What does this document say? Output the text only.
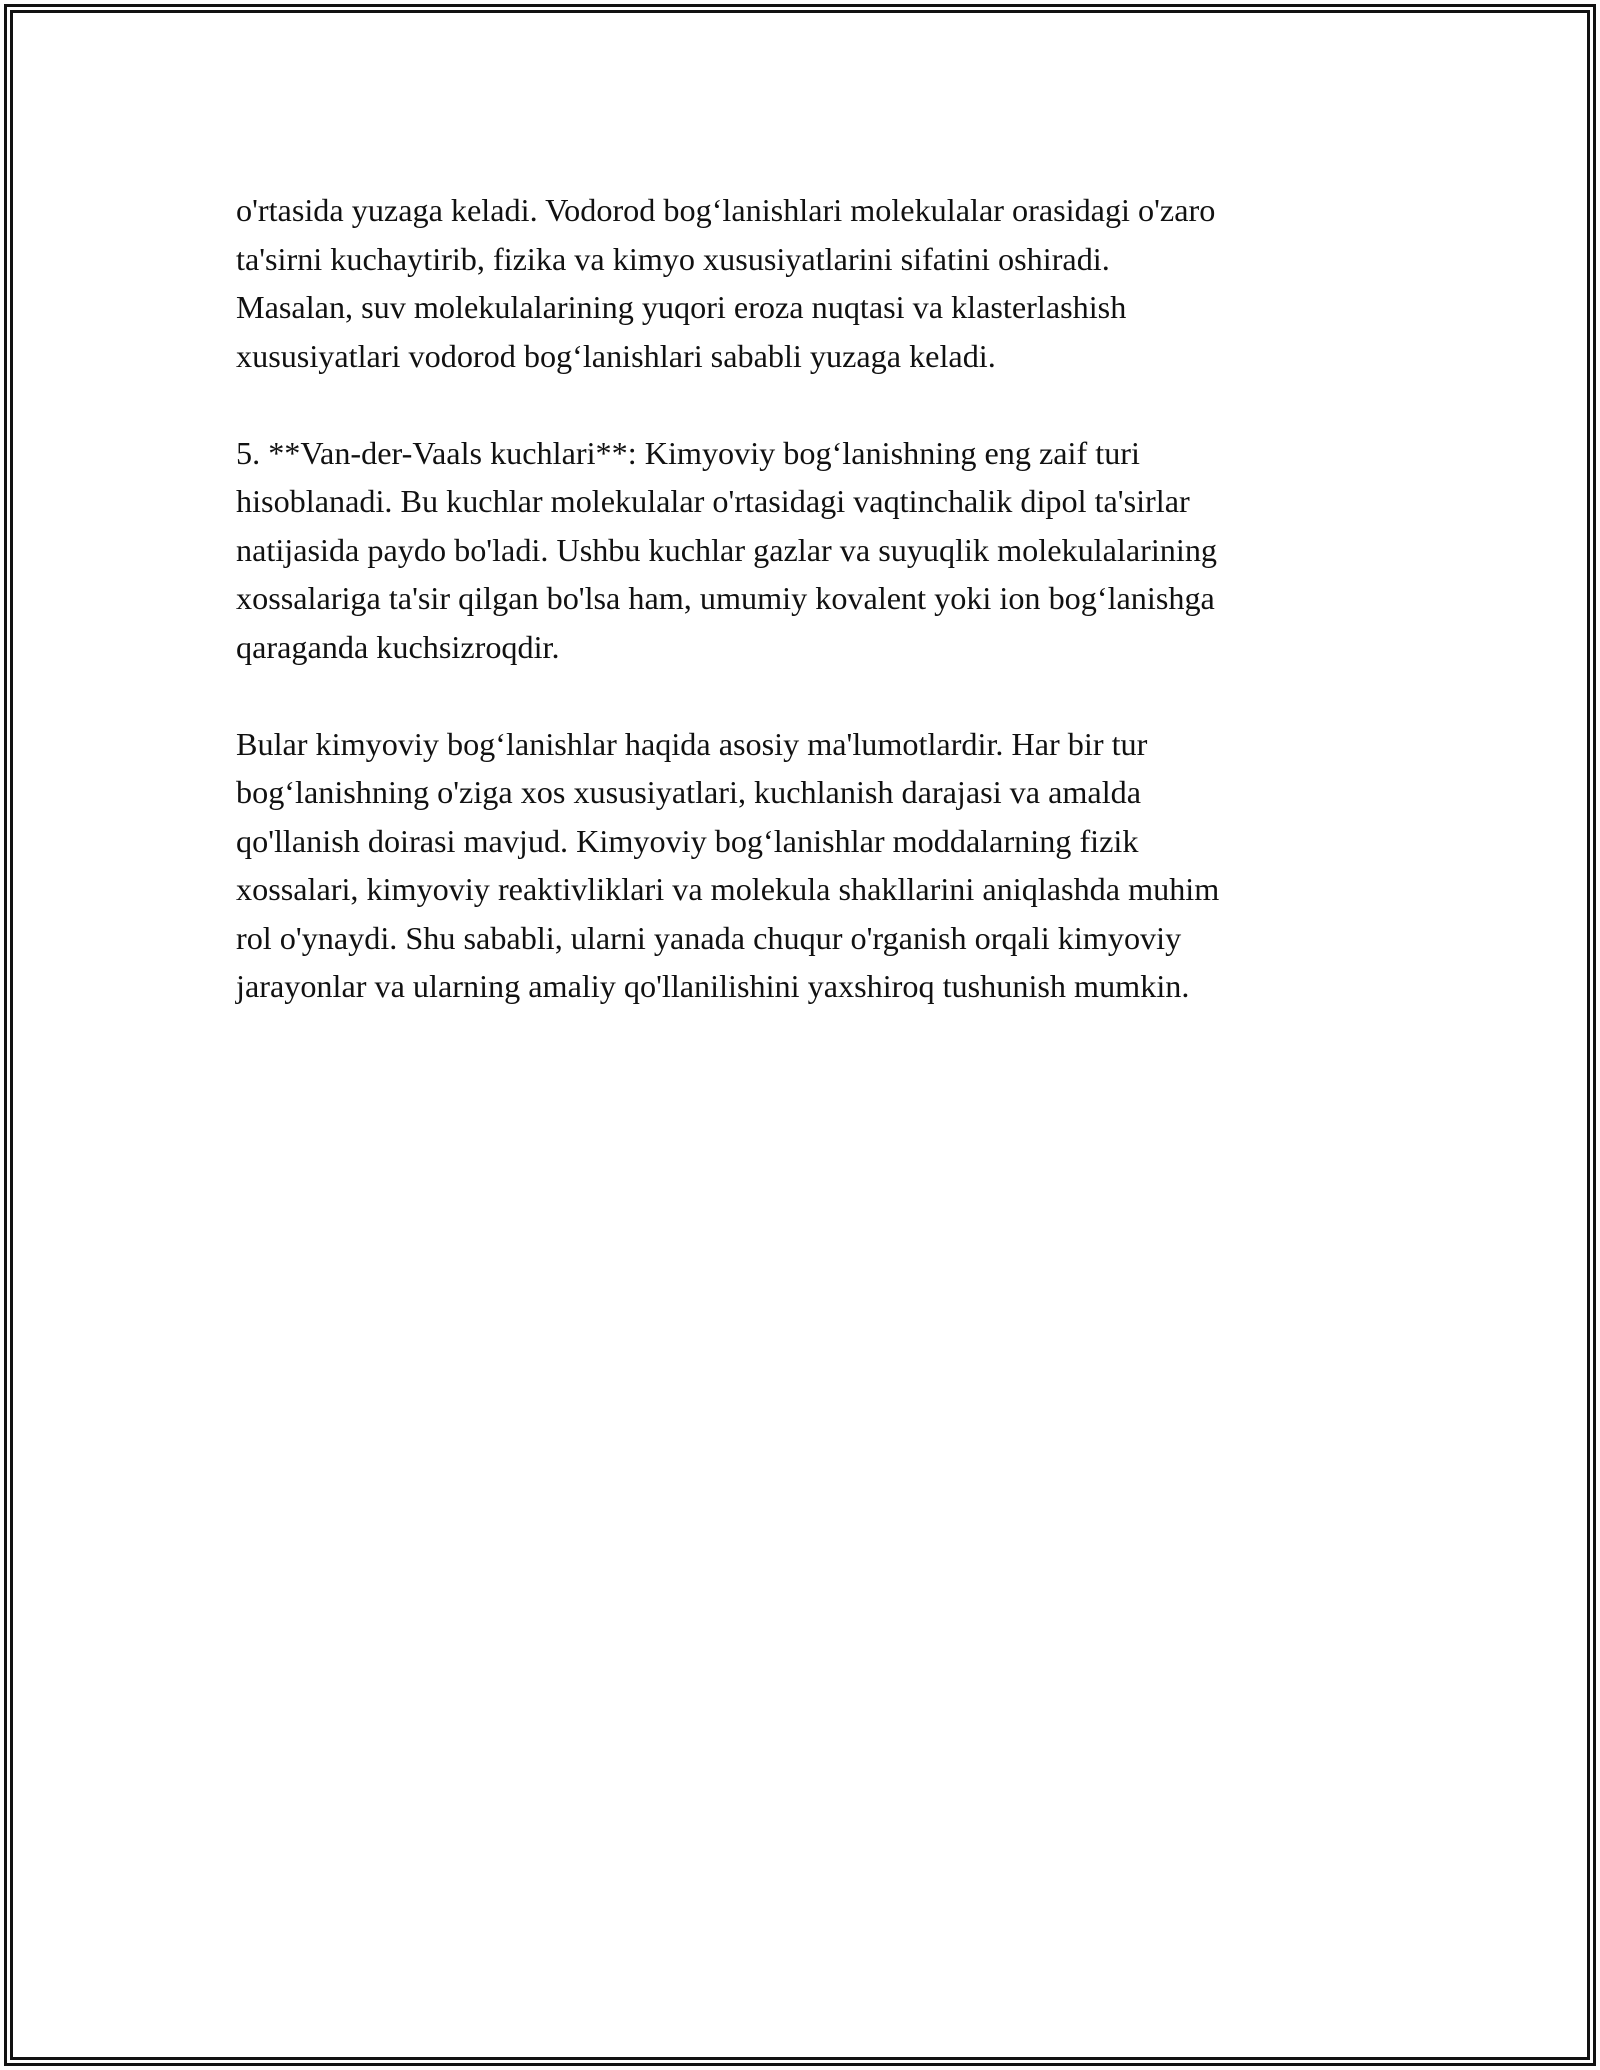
o'rtasida yuzaga keladi. Vodorod bog‘lanishlari molekulalar orasidagi o'zaro
ta'sirni kuchaytirib, fizika va kimyo xususiyatlarini sifatini oshiradi.
Masalan, suv molekulalarining yuqori eroza nuqtasi va klasterlashish
xususiyatlari vodorod bog‘lanishlari sababli yuzaga keladi.

5. **Van-der-Vaals kuchlari**: Kimyoviy bog‘lanishning eng zaif turi
hisoblanadi. Bu kuchlar molekulalar o'rtasidagi vaqtinchalik dipol ta'sirlar
natijasida paydo bo'ladi. Ushbu kuchlar gazlar va suyuqlik molekulalarining
xossalariga ta'sir qilgan bo'lsa ham, umumiy kovalent yoki ion bog‘lanishga
qaraganda kuchsizroqdir.

Bular kimyoviy bog‘lanishlar haqida asosiy ma'lumotlardir. Har bir tur
bog‘lanishning o'ziga xos xususiyatlari, kuchlanish darajasi va amalda
qo'llanish doirasi mavjud. Kimyoviy bog‘lanishlar moddalarning fizik
xossalari, kimyoviy reaktivliklari va molekula shakllarini aniqlashda muhim
rol o'ynaydi. Shu sababli, ularni yanada chuqur o'rganish orqali kimyoviy
jarayonlar va ularning amaliy qo'llanilishini yaxshiroq tushunish mumkin.
